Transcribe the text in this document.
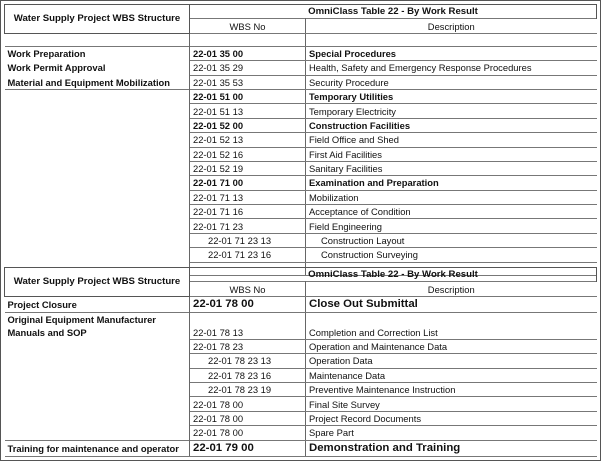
Water Supply Project WBS Structure	OmniClass Table 22 - By Work Result	
	WBS No	Description

Work Preparation	22-01 35 00	Special Procedures
Work Permit Approval	22-01 35 29	Health, Safety and Emergency Response Procedures
Material and Equipment Mobilization	22-01 35 53	Security Procedure
	22-01 51 00	Temporary Utilities
	22-01 51 13	Temporary Electricity
	22-01 52 00	Construction Facilities
	22-01 52 13	Field Office and Shed
	22-01 52 16	First Aid Facilities
	22-01 52 19	Sanitary Facilities
	22-01 71 00	Examination and Preparation
	22-01 71 13	Mobilization
	22-01 71 16	Acceptance of Condition
	22-01 71 23	Field Engineering
	22-01 71 23 13	Construction Layout
	22-01 71 23 16	Construction Surveying

Water Supply Project WBS Structure	OmniClass Table 22 - By Work Result	
	WBS No	Description
Project Closure	22-01 78 00	Close Out Submittal
Original Equipment Manufacturer Manuals and SOP	22-01 78 13	Completion and Correction List
	22-01 78 23	Operation and Maintenance Data
	22-01 78 23 13	Operation Data
	22-01 78 23 16	Maintenance Data
	22-01 78 23 19	Preventive Maintenance Instruction
	22-01 78 00	Final Site Survey
	22-01 78 00	Project Record Documents
	22-01 78 00	Spare Part
Training for maintenance and operator	22-01 79 00	Demonstration and Training
